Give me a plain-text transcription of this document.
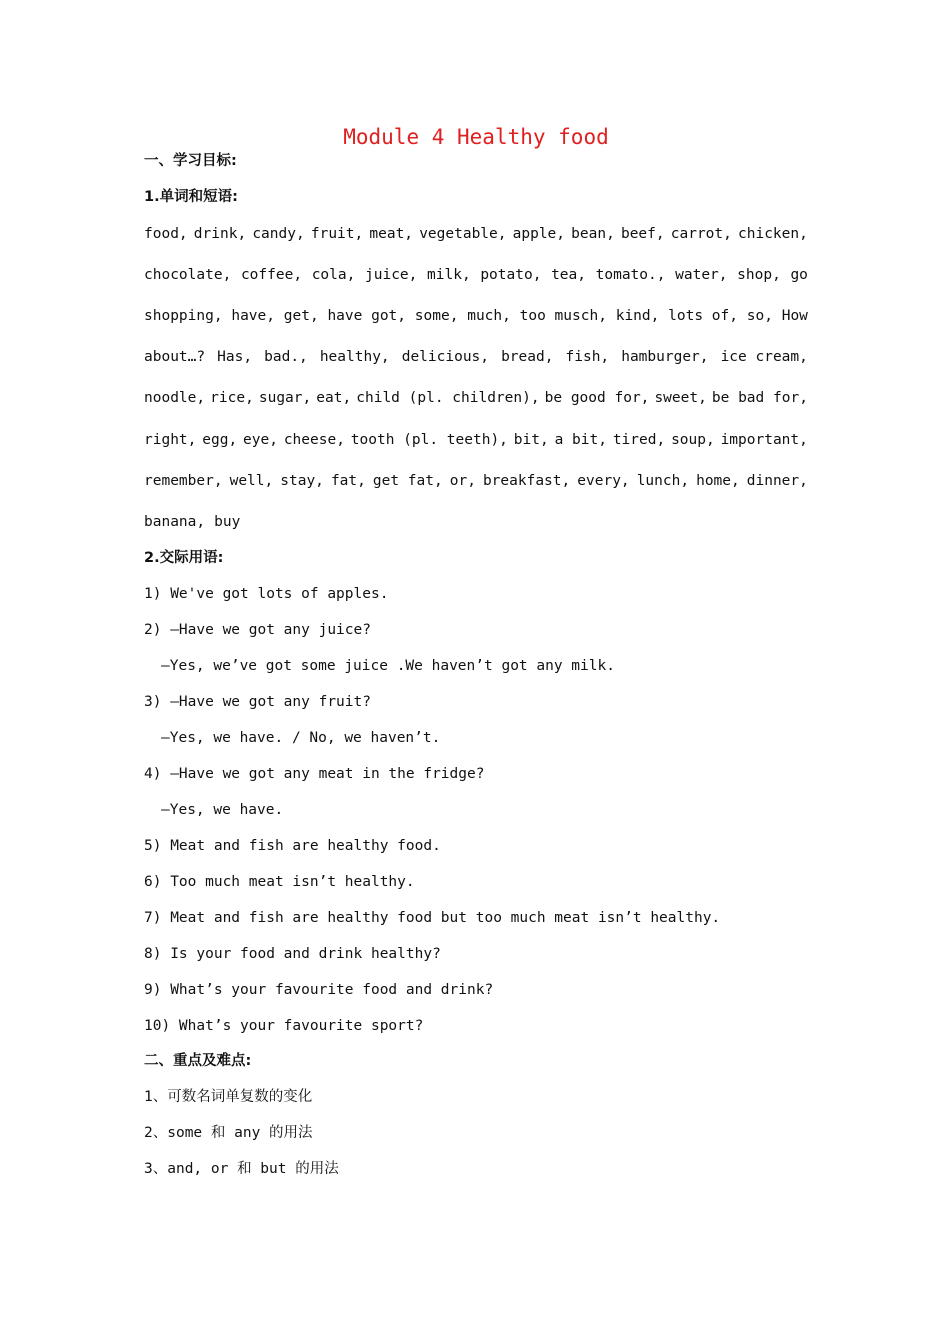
Module 4 Healthy food
一、学习目标:
1.单词和短语:
food, drink, candy, fruit, meat, vegetable, apple, bean, beef, carrot, chicken,
chocolate, coffee, cola, juice, milk, potato, tea, tomato., water, shop, go
shopping, have, get, have got, some, much, too musch, kind, lots of, so, How
about…? Has, bad., healthy, delicious, bread, fish, hamburger, ice cream,
noodle, rice, sugar, eat, child (pl. children), be good for, sweet, be bad for,
right, egg, eye, cheese, tooth (pl. teeth), bit, a bit, tired, soup, important,
remember, well, stay, fat, get fat, or, breakfast, every, lunch, home, dinner,
banana, buy
2.交际用语:
1) We've got lots of apples.
2) —Have we got any juice?
—Yes, we’ve got some juice .We haven’t got any milk.
3) —Have we got any fruit?
—Yes, we have. / No, we haven’t.
4) —Have we got any meat in the fridge?
—Yes, we have.
5) Meat and fish are healthy food.
6) Too much meat isn’t healthy.
7) Meat and fish are healthy food but too much meat isn’t healthy.
8) Is your food and drink healthy?
9) What’s your favourite food and drink?
10) What’s your favourite sport?
二、重点及难点:
1、可数名词单复数的变化
2、some 和 any 的用法
3、and, or 和 but 的用法
